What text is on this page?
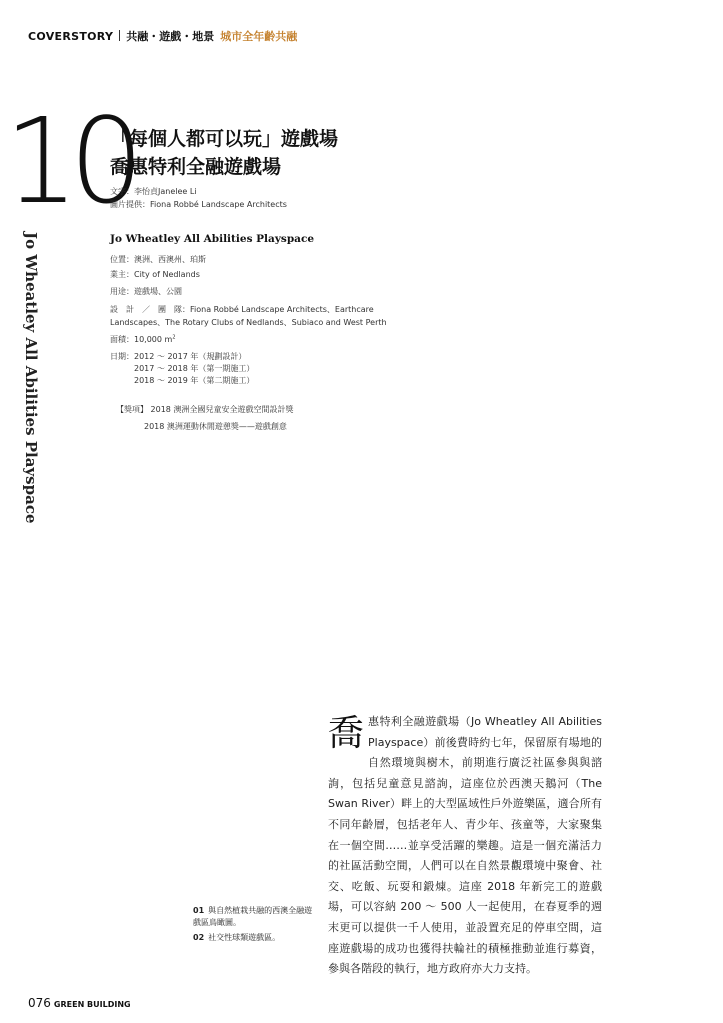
COVERSTORY 共融・遊戲・地景 城市全年齡共融
10
Jo Wheatley All Abilities Playspace
「每個人都可以玩」遊戲場
喬惠特利全融遊戲場
文字：李怡貞Janelee Li
圖片提供：Fiona Robbé Landscape Architects
Jo Wheatley All Abilities Playspace
位置：澳洲、西澳州、珀斯
業主：City of Nedlands
用途：遊戲場、公園
設　計　／　團　隊：Fiona Robbé Landscape Architects、Earthcare
Landscapes、The Rotary Clubs of Nedlands、Subiaco and West Perth
面積：10,000 $m^2$
日期：2012 ～ 2017 年（規劃設計）
2017 ～ 2018 年（第一期施工）
2018 ～ 2019 年（第二期施工）
【獎項】 2018 澳洲全國兒童安全遊戲空間設計獎
2018 澳洲運動休閒遊憩獎——遊戲創意
喬惠特利全融遊戲場（Jo Wheatley All Abilities Playspace）前後費時約七年，保留原有場地的自然環境與樹木，前期進行廣泛社區參與與諮詢，包括兒童意見諮詢，這座位於西澳天鵝河（The Swan River）畔上的大型區域性戶外遊樂區，適合所有不同年齡層，包括老年人、青少年、孩童等，大家聚集在一個空間……並享受活躍的樂趣。這是一個充滿活力的社區活動空間，人們可以在自然景觀環境中聚會、社交、吃飯、玩耍和鍛煉。這座 2018 年新完工的遊戲場，可以容納 200 ～ 500 人一起使用，在春夏季的週末更可以提供一千人使用，並設置充足的停車空間，這座遊戲場的成功也獲得扶輪社的積極推動並進行募資，參與各階段的執行，地方政府亦大力支持。
01 與自然植栽共融的西澳全融遊戲區鳥瞰圖。
02 社交性球類遊戲區。
076 GREEN BUILDING
